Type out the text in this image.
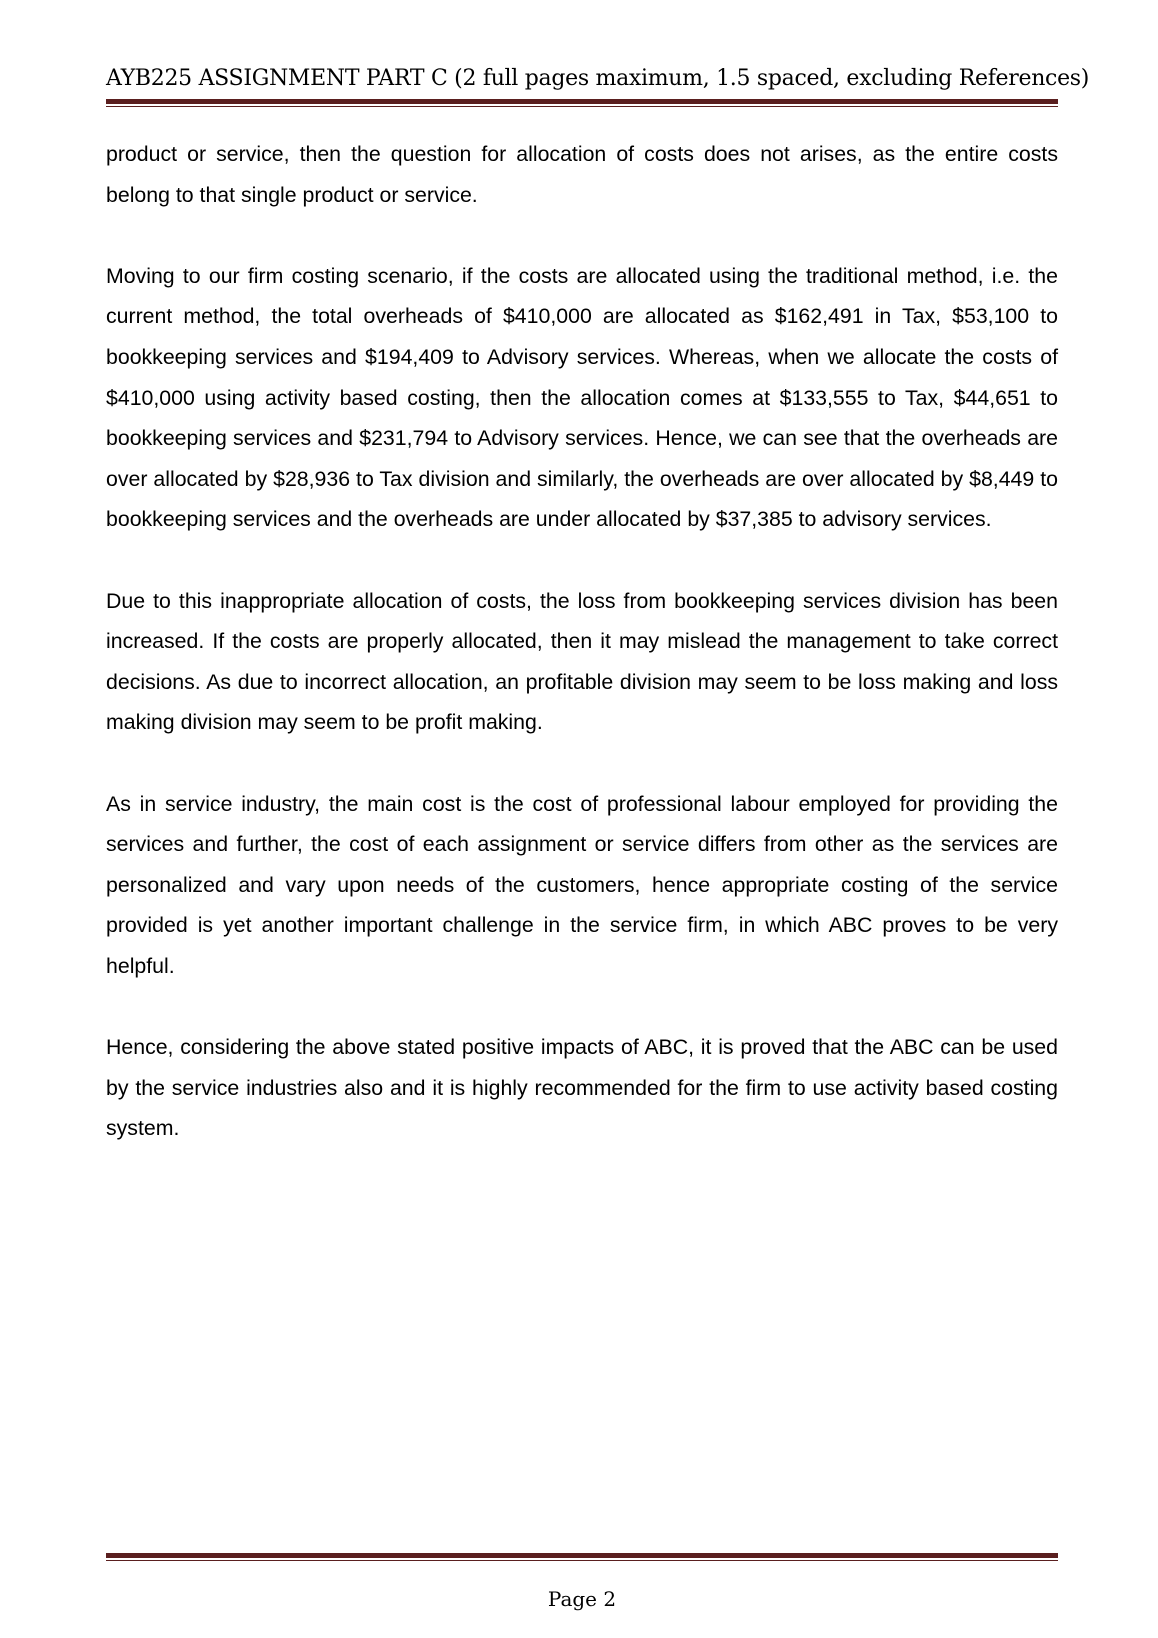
AYB225 ASSIGNMENT PART C (2 full pages maximum, 1.5 spaced, excluding References)

product or service, then the question for allocation of costs does not arises, as the entire costs belong to that single product or service.

Moving to our firm costing scenario, if the costs are allocated using the traditional method, i.e. the current method, the total overheads of $410,000 are allocated as $162,491 in Tax, $53,100 to bookkeeping services and $194,409 to Advisory services. Whereas, when we allocate the costs of $410,000 using activity based costing, then the allocation comes at $133,555 to Tax, $44,651 to bookkeeping services and $231,794 to Advisory services. Hence, we can see that the overheads are over allocated by $28,936 to Tax division and similarly, the overheads are over allocated by $8,449 to bookkeeping services and the overheads are under allocated by $37,385 to advisory services.

Due to this inappropriate allocation of costs, the loss from bookkeeping services division has been increased. If the costs are properly allocated, then it may mislead the management to take correct decisions. As due to incorrect allocation, an profitable division may seem to be loss making and loss making division may seem to be profit making.

As in service industry, the main cost is the cost of professional labour employed for providing the services and further, the cost of each assignment or service differs from other as the services are personalized and vary upon needs of the customers, hence appropriate costing of the service provided is yet another important challenge in the service firm, in which ABC proves to be very helpful.

Hence, considering the above stated positive impacts of ABC, it is proved that the ABC can be used by the service industries also and it is highly recommended for the firm to use activity based costing system.

Page 2
